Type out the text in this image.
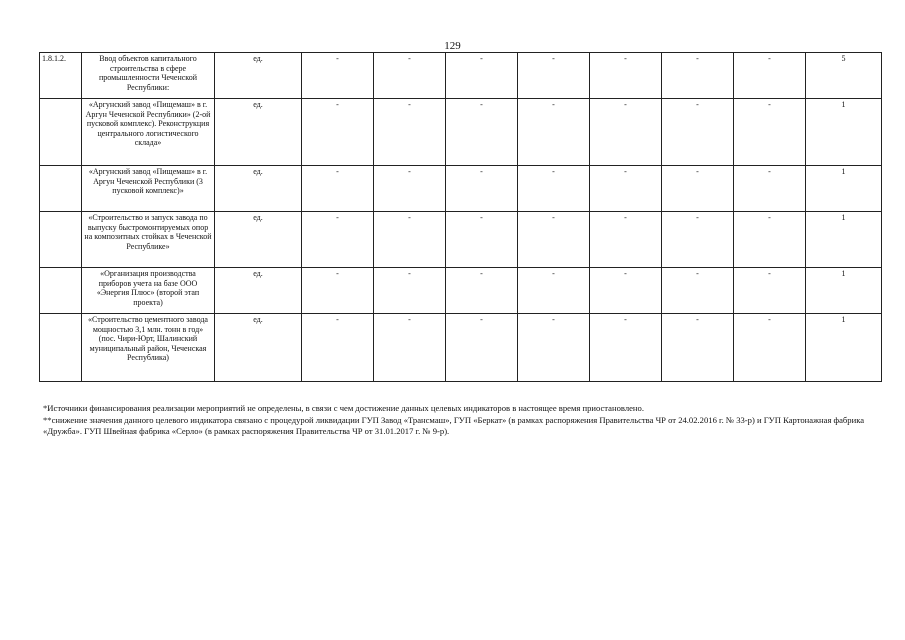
129
1.8.1.2.	Ввод объектов капитального строительства в сфере промышленности Чеченской Республики:	ед.	-	-	-	-	-	-	-	5
	«Аргунский завод «Пищемаш» в г. Аргун Чеченской Республики» (2-ой пусковой комплекс). Реконструкция центрального логистического склада»	ед.	-	-	-	-	-	-	-	1
	«Аргунский завод «Пищемаш» в г. Аргун Чеченской Республики (3 пусковой комплекс)»	ед.	-	-	-	-	-	-	-	1
	«Строительство и запуск завода по выпуску быстромонтируемых опор на композитных стойках в Чеченской Республике»	ед.	-	-	-	-	-	-	-	1
	«Организация производства приборов учета на базе ООО «Энергия Плюс» (второй этап проекта)	ед.	-	-	-	-	-	-	-	1
	«Строительство цементного завода мощностью 3,1 млн. тонн в год» (пос. Чири-Юрт, Шалинский муниципальный район, Чеченская Республика)	ед.	-	-	-	-	-	-	-	1

*Источники финансирования реализации мероприятий не определены, в связи с чем достижение данных целевых индикаторов в настоящее время приостановлено.

**снижение значения данного целевого индикатора связано с процедурой ликвидации ГУП Завод «Трансмаш», ГУП «Беркат» (в рамках распоряжения Правительства ЧР от 24.02.2016 г. № 33-р) и ГУП Картонажная фабрика «Дружба». ГУП Швейная фабрика «Серло» (в рамках распоряжения Правительства ЧР от 31.01.2017 г. № 9-р).
